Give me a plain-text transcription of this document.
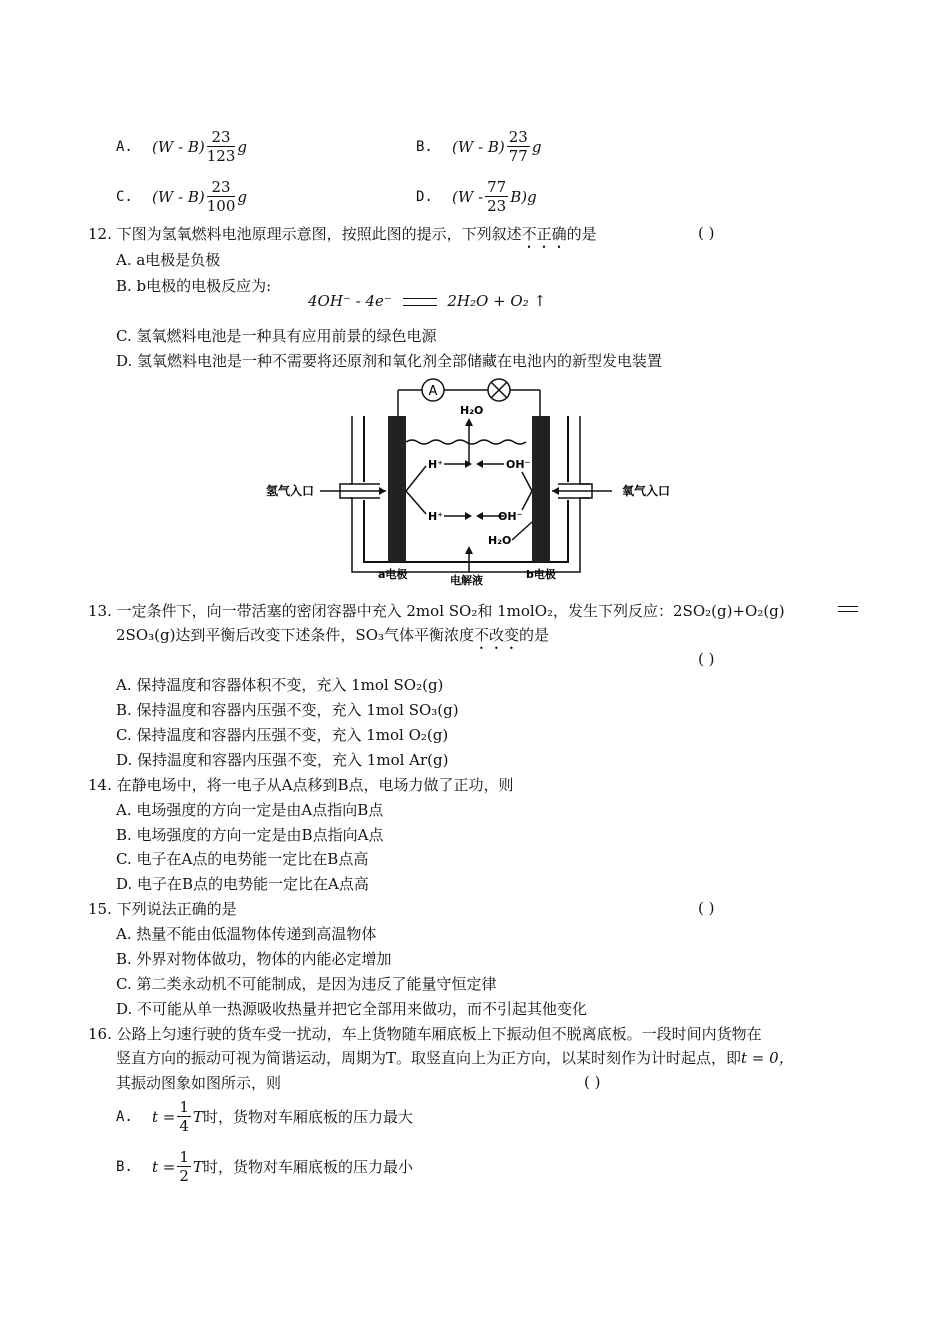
A.	$(W - B) \frac{23}{123}$ g	B.	$(W - B) \frac{23}{77}$ g
C.	$(W - B) \frac{23}{100}$ g	D.	$(W - \frac{77}{23} B)g$
12. 下图为氢氧燃料电池原理示意图，按照此图的提示，下列叙述不正确的是	( )
A. a电极是负极
B. b电极的电极反应为:
4OH⁻ - 4e⁻	2H₂O + O₂ ↑
C. 氢氧燃料电池是一种具有应用前景的绿色电源
D. 氢氧燃料电池是一种不需要将还原剂和氧化剂全部储藏在电池内的新型发电装置
A
H₂O
H⁺	OH⁻
H⁺	OH⁻
H₂O
氢气入口	氧气入口
a电极	电解液	b电极
13. 一定条件下，向一带活塞的密闭容器中充入 2mol SO₂和 1molO₂，发生下列反应：2SO₂(g)+O₂(g)
2SO₃(g)达到平衡后改变下述条件，SO₃气体平衡浓度不改变的是
( )
A. 保持温度和容器体积不变，充入 1mol SO₂(g)
B. 保持温度和容器内压强不变，充入 1mol SO₃(g)
C. 保持温度和容器内压强不变，充入 1mol O₂(g)
D. 保持温度和容器内压强不变，充入 1mol Ar(g)
14. 在静电场中，将一电子从A点移到B点，电场力做了正功，则
A. 电场强度的方向一定是由A点指向B点
B. 电场强度的方向一定是由B点指向A点
C. 电子在A点的电势能一定比在B点高
D. 电子在B点的电势能一定比在A点高
15. 下列说法正确的是	( )
A. 热量不能由低温物体传递到高温物体
B. 外界对物体做功，物体的内能必定增加
C. 第二类永动机不可能制成，是因为违反了能量守恒定律
D. 不可能从单一热源吸收热量并把它全部用来做功，而不引起其他变化
16. 公路上匀速行驶的货车受一扰动，车上货物随车厢底板上下振动但不脱离底板。一段时间内货物在
竖直方向的振动可视为简谐运动，周期为T。取竖直向上为正方向，以某时刻作为计时起点，即t = 0，
其振动图象如图所示，则	( )
A.	$t = \frac{1}{4}$ T 时，货物对车厢底板的压力最大
B.	$t = \frac{1}{2}$ T 时，货物对车厢底板的压力最小
